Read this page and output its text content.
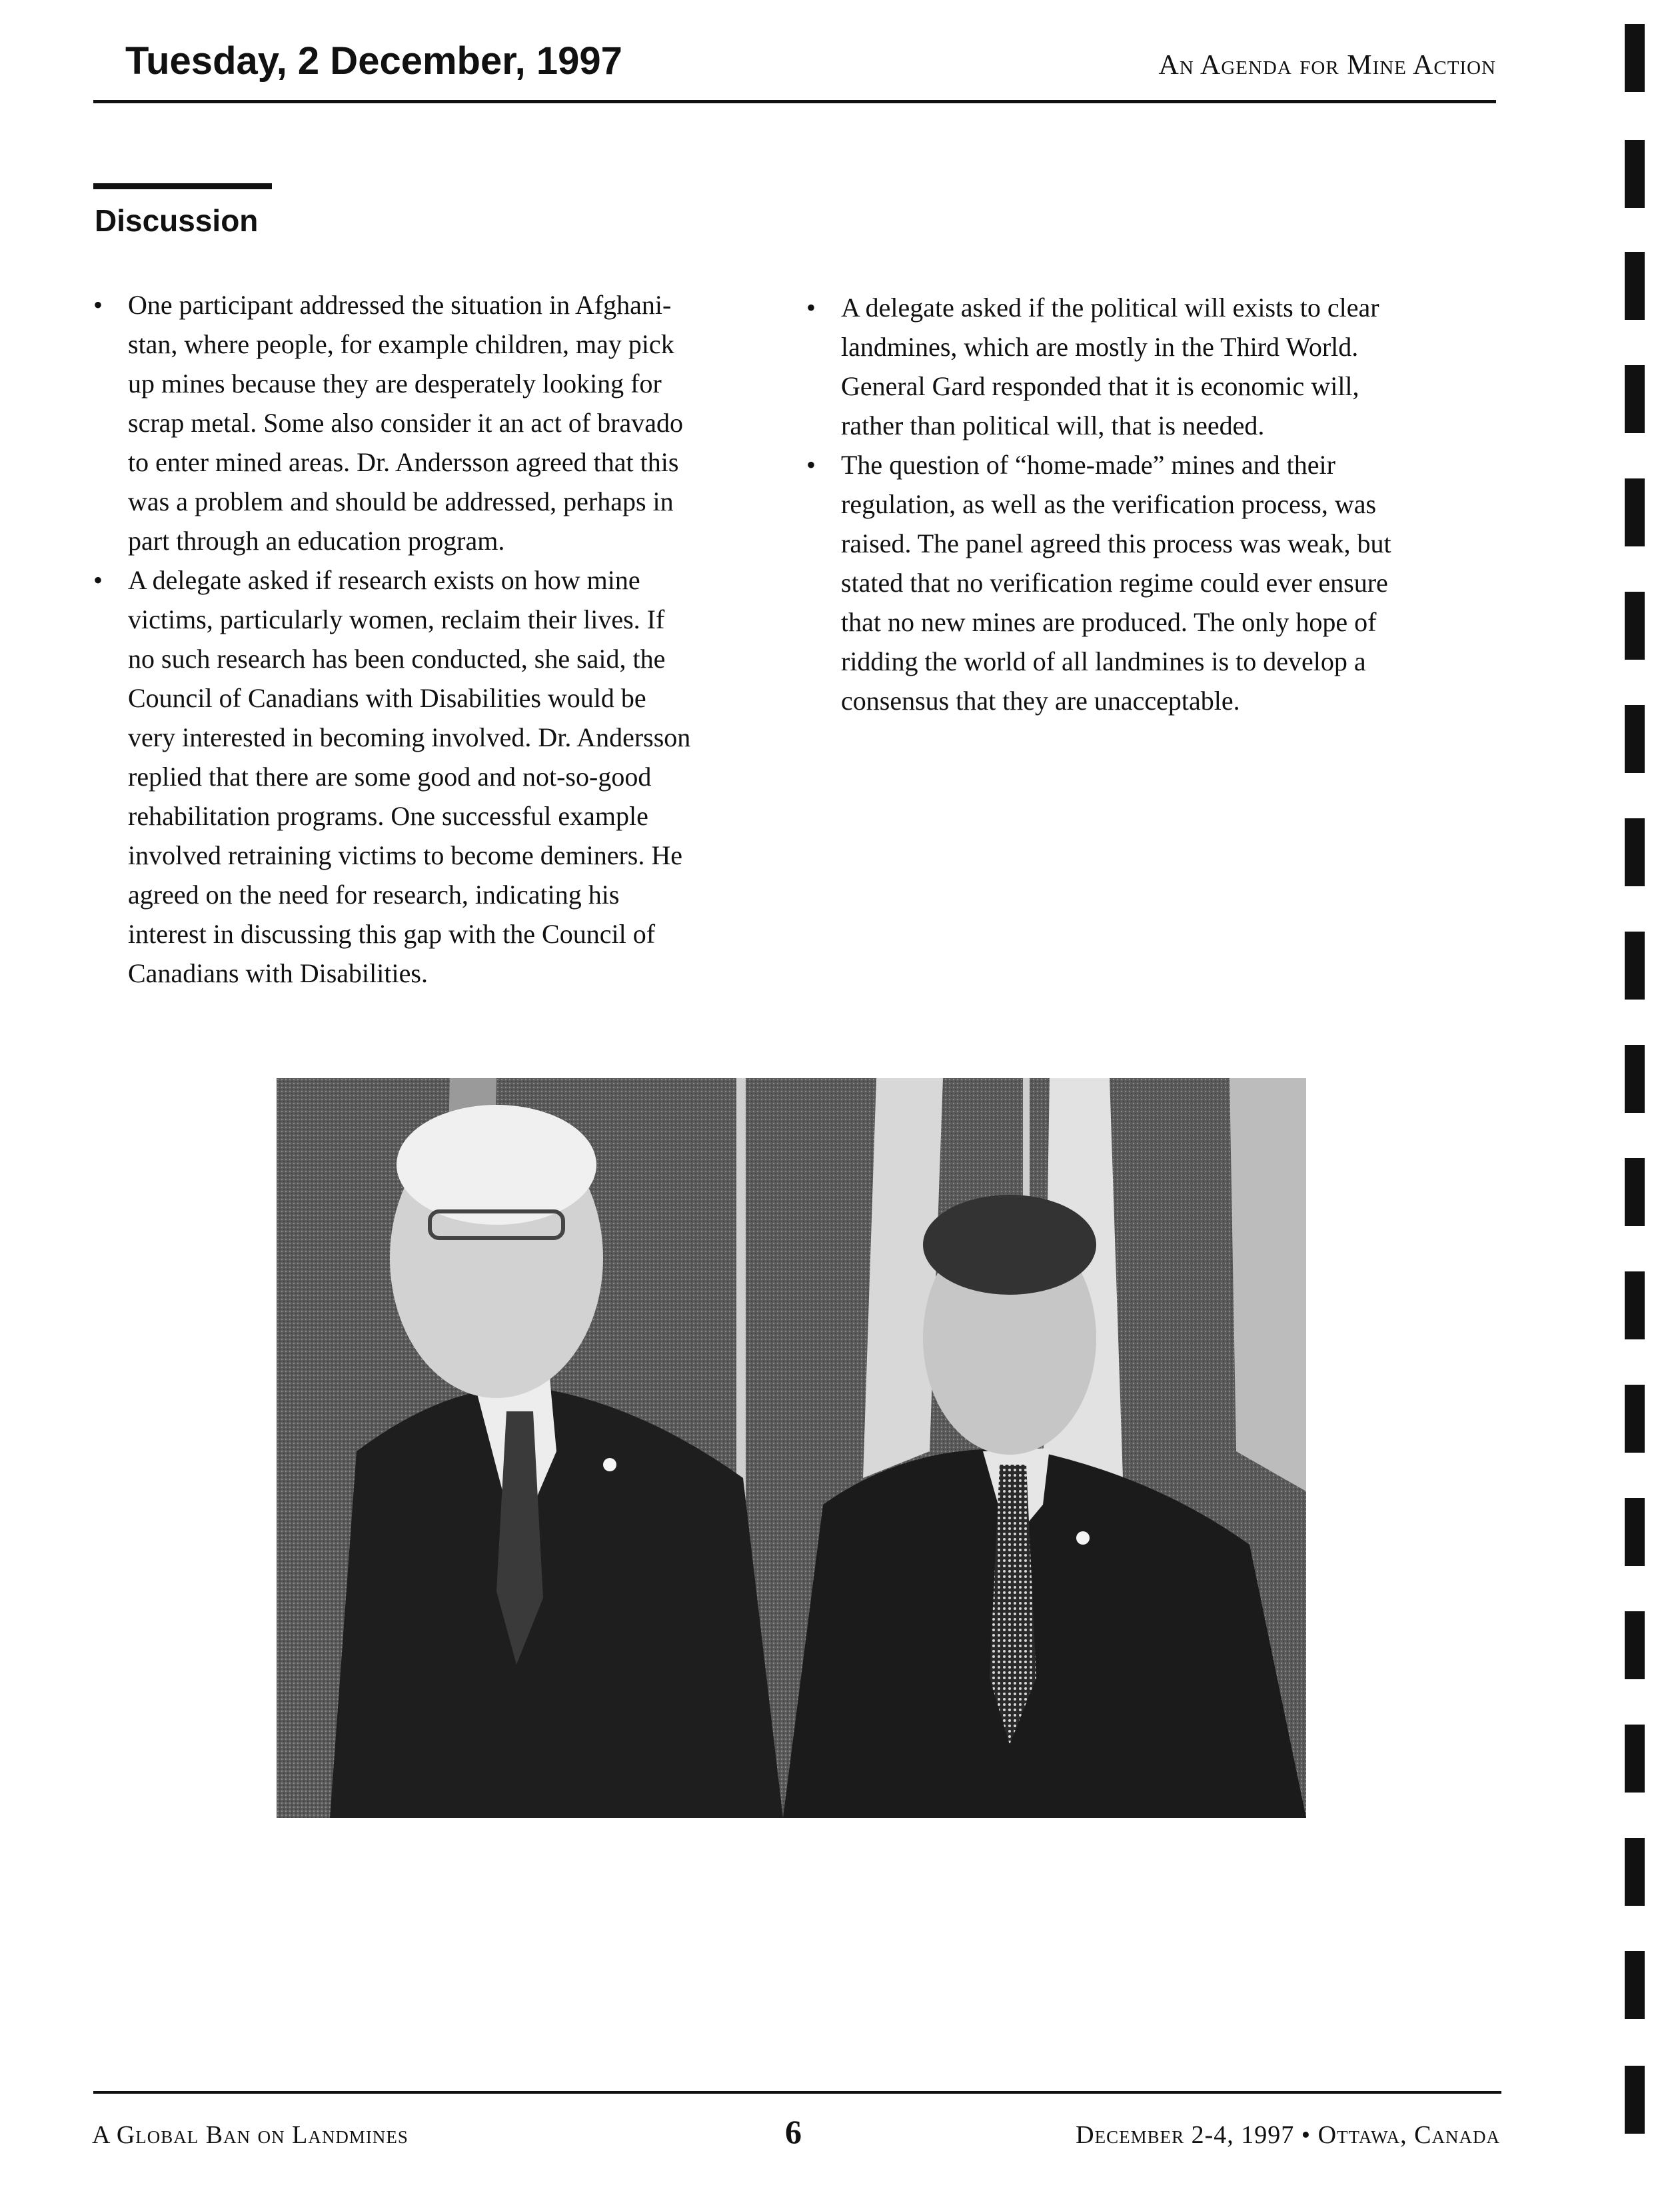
Tuesday, 2 December, 1997	An Agenda for Mine Action
Discussion
• One participant addressed the situation in Afghani-
stan, where people, for example children, may pick
up mines because they are desperately looking for
scrap metal. Some also consider it an act of bravado
to enter mined areas. Dr. Andersson agreed that this
was a problem and should be addressed, perhaps in
part through an education program.
• A delegate asked if research exists on how mine
victims, particularly women, reclaim their lives. If
no such research has been conducted, she said, the
Council of Canadians with Disabilities would be
very interested in becoming involved. Dr. Andersson
replied that there are some good and not-so-good
rehabilitation programs. One successful example
involved retraining victims to become deminers. He
agreed on the need for research, indicating his
interest in discussing this gap with the Council of
Canadians with Disabilities.
• A delegate asked if the political will exists to clear
landmines, which are mostly in the Third World.
General Gard responded that it is economic will,
rather than political will, that is needed.
• The question of “home-made” mines and their
regulation, as well as the verification process, was
raised. The panel agreed this process was weak, but
stated that no verification regime could ever ensure
that no new mines are produced. The only hope of
ridding the world of all landmines is to develop a
consensus that they are unacceptable.
A Global Ban on Landmines	6	December 2-4, 1997 • Ottawa, Canada
